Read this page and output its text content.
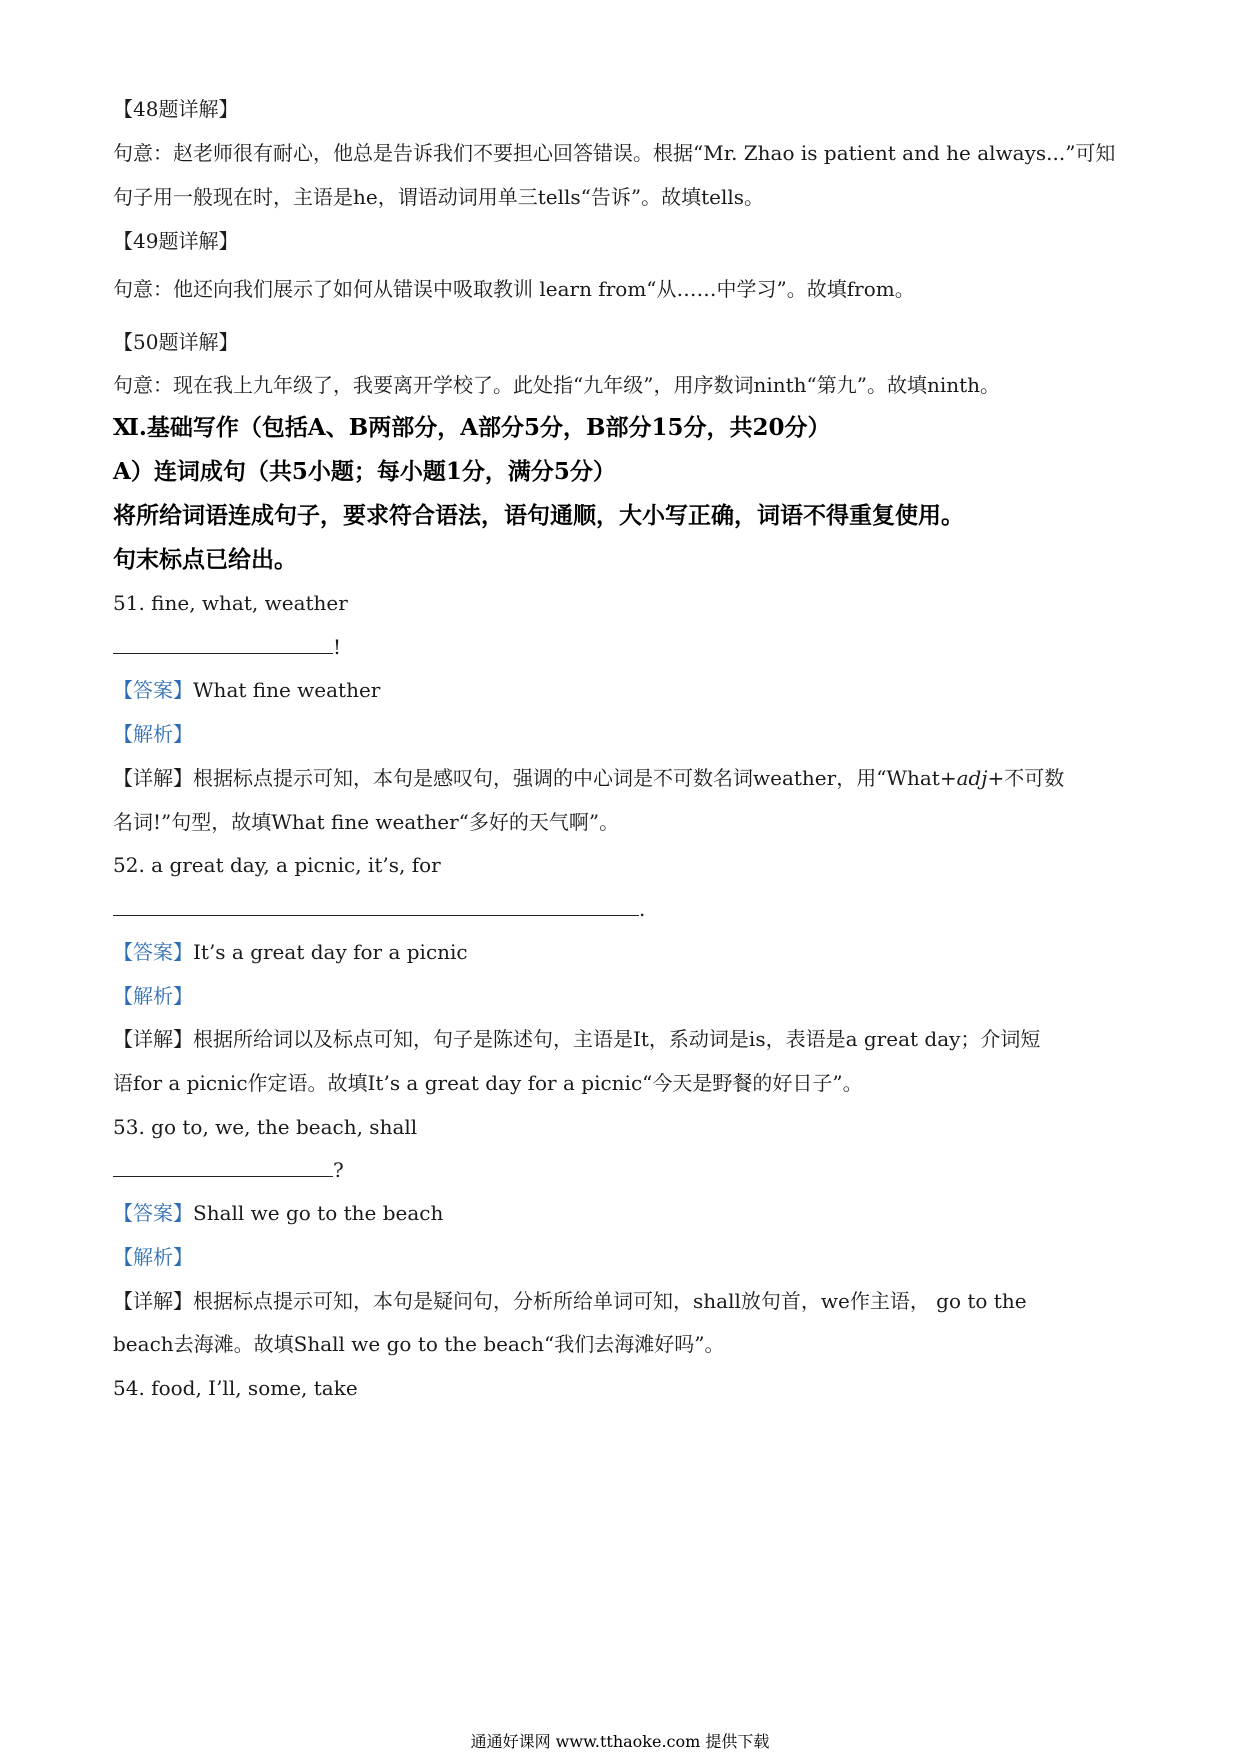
【48题详解】
句意：赵老师很有耐心，他总是告诉我们不要担心回答错误。根据“Mr. Zhao is patient and he always...”可知
句子用一般现在时，主语是he，谓语动词用单三tells“告诉”。故填tells。
【49题详解】
句意：他还向我们展示了如何从错误中吸取教训 learn from“从……中学习”。故填from。
【50题详解】
句意：现在我上九年级了，我要离开学校了。此处指“九年级”，用序数词ninth“第九”。故填ninth。
Ⅺ.基础写作（包括A、B两部分，A部分5分，B部分15分，共20分）
A）连词成句（共5小题；每小题1分，满分5分）
将所给词语连成句子，要求符合语法，语句通顺，大小写正确，词语不得重复使用。
句末标点已给出。
51. fine, what, weather
!
【答案】What fine weather
【解析】
【详解】根据标点提示可知，本句是感叹句，强调的中心词是不可数名词weather，用“What+adj+不可数
名词!”句型，故填What fine weather“多好的天气啊”。
52. a great day, a picnic, it’s, for
.
【答案】It’s a great day for a picnic
【解析】
【详解】根据所给词以及标点可知，句子是陈述句，主语是It，系动词是is，表语是a great day；介词短
语for a picnic作定语。故填It’s a great day for a picnic“今天是野餐的好日子”。
53. go to, we, the beach, shall
?
【答案】Shall we go to the beach
【解析】
【详解】根据标点提示可知，本句是疑问句，分析所给单词可知，shall放句首，we作主语， go to the
beach去海滩。故填Shall we go to the beach“我们去海滩好吗”。
54. food, I’ll, some, take
通通好课网 www.tthaoke.com 提供下载
